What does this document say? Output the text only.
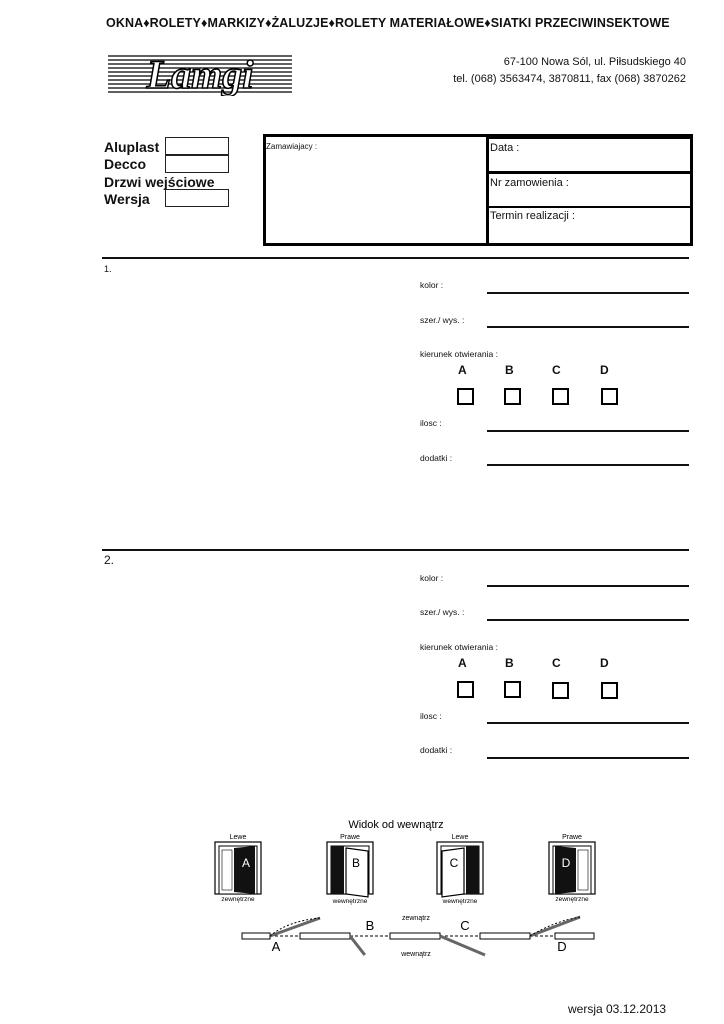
OKNA♦ROLETY♦MARKIZY♦ŻALUZJE♦ROLETY MATERIAŁOWE♦SIATKI PRZECIWINSEKTOWE
Lamgi	67-100 Nowa Sól, ul. Piłsudskiego 40
tel. (068) 3563474, 3870811, fax (068) 3870262
Aluplast
Decco
Drzwi wejściowe
Wersja
Zamawiajacy :	Data :
Nr zamowienia :
Termin realizacji :
1.
kolor :
szer./ wys. :
kierunek otwierania :
A	B	C	D
ilosc :
dodatki :
2.
kolor :
szer./ wys. :
kierunek otwierania :
A	B	C	D
ilosc :
dodatki :
Widok od wewnątrz
Lewe
A
zewnętrzne
Prawe
B
wewnętrzne
Lewe
C
wewnętrzne
Prawe
D
zewnętrzne
zewnątrz
wewnątrz
A
B	C
D
wersja 03.12.2013
